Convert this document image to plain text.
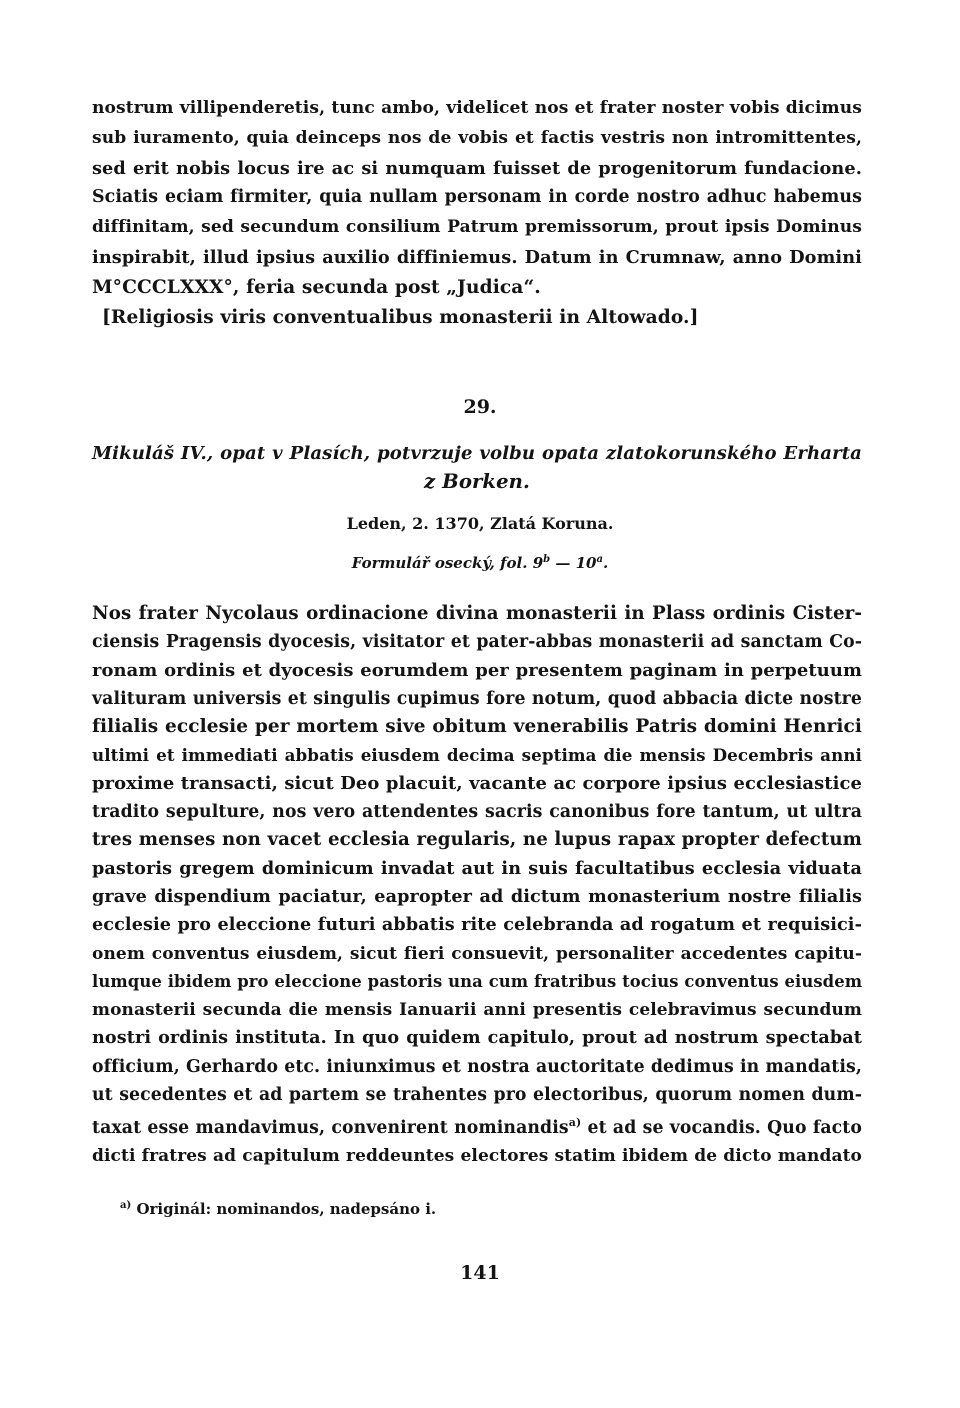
nostrum villipenderetis, tunc ambo, videlicet nos et frater noster vobis dicimus
sub iuramento, quia deinceps nos de vobis et factis vestris non intromittentes,
sed erit nobis locus ire ac si numquam fuisset de progenitorum fundacione.
Sciatis eciam firmiter, quia nullam personam in corde nostro adhuc habemus
diffinitam, sed secundum consilium Patrum premissorum, prout ipsis Dominus
inspirabit, illud ipsius auxilio diffiniemus. Datum in Crumnaw, anno Domini
M°CCCLXXX°, feria secunda post „Judica“.
[Religiosis viris conventualibus monasterii in Altowado.]
29.
Mikuláš IV., opat v Plasích, potvrzuje volbu opata zlatokorunského Erharta
z Borken.
Leden, 2. 1370, Zlatá Koruna.
Formulář osecký, fol. 9$^b$ — 10$^a$.
Nos frater Nycolaus ordinacione divina monasterii in Plass ordinis Cister-
ciensis Pragensis dyocesis, visitator et pater-abbas monasterii ad sanctam Co-
ronam ordinis et dyocesis eorumdem per presentem paginam in perpetuum
valituram universis et singulis cupimus fore notum, quod abbacia dicte nostre
filialis ecclesie per mortem sive obitum venerabilis Patris domini Henrici
ultimi et immediati abbatis eiusdem decima septima die mensis Decembris anni
proxime transacti, sicut Deo placuit, vacante ac corpore ipsius ecclesiastice
tradito sepulture, nos vero attendentes sacris canonibus fore tantum, ut ultra
tres menses non vacet ecclesia regularis, ne lupus rapax propter defectum
pastoris gregem dominicum invadat aut in suis facultatibus ecclesia viduata
grave dispendium paciatur, eapropter ad dictum monasterium nostre filialis
ecclesie pro eleccione futuri abbatis rite celebranda ad rogatum et requisici-
onem conventus eiusdem, sicut fieri consuevit, personaliter accedentes capitu-
lumque ibidem pro eleccione pastoris una cum fratribus tocius conventus eiusdem
monasterii secunda die mensis Ianuarii anni presentis celebravimus secundum
nostri ordinis instituta. In quo quidem capitulo, prout ad nostrum spectabat
officium, Gerhardo etc. iniunximus et nostra auctoritate dedimus in mandatis,
ut secedentes et ad partem se trahentes pro electoribus, quorum nomen dum-
taxat esse mandavimus, convenirent nominandis$^{a)}$ et ad se vocandis. Quo facto
dicti fratres ad capitulum reddeuntes electores statim ibidem de dicto mandato
$^{a)}$ Originál: nominandos, nadepsáno i.
141
